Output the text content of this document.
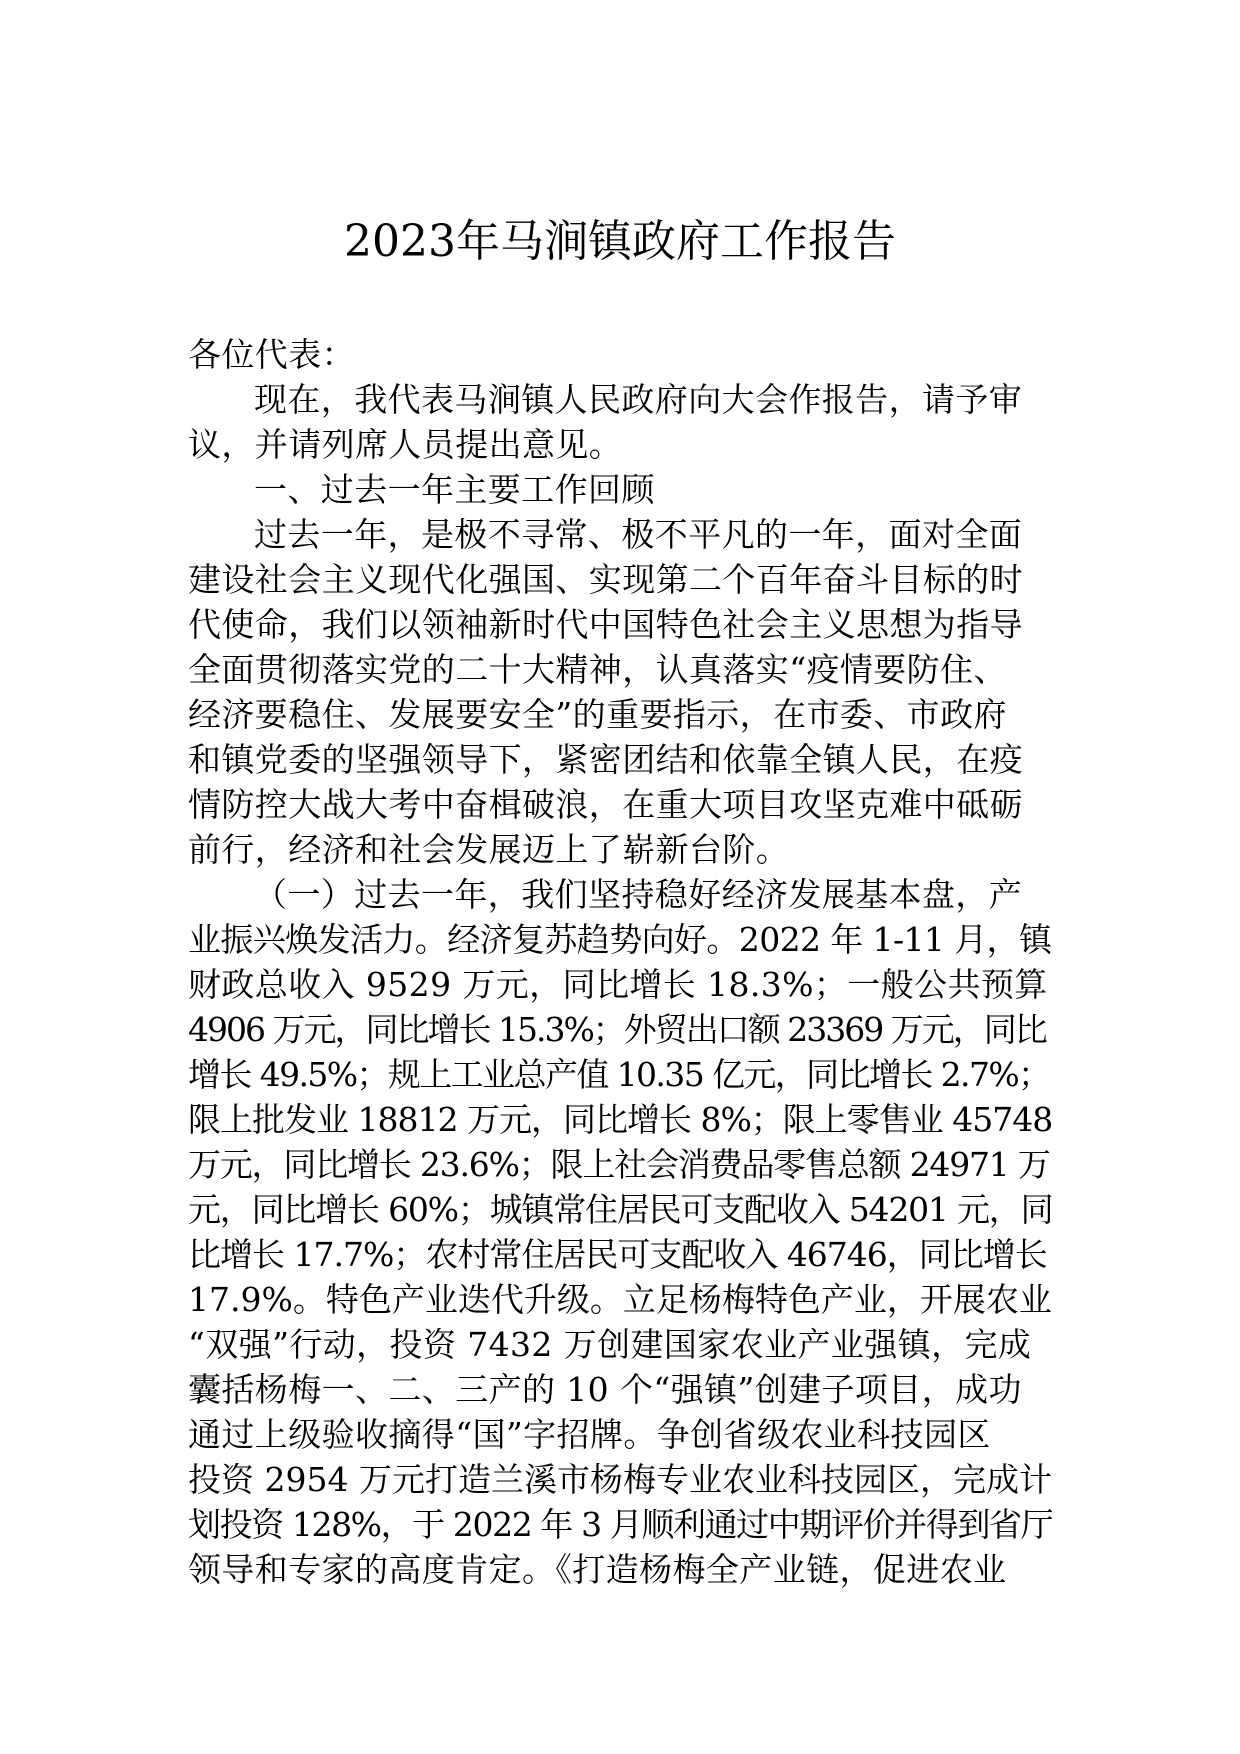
2023年马涧镇政府工作报告
各位代表：
现在，我代表马涧镇人民政府向大会作报告，请予审
议，并请列席人员提出意见。
一、过去一年主要工作回顾
过去一年，是极不寻常、极不平凡的一年，面对全面
建设社会主义现代化强国、实现第二个百年奋斗目标的时
代使命，我们以领袖新时代中国特色社会主义思想为指导
全面贯彻落实党的二十大精神，认真落实“疫情要防住、
经济要稳住、发展要安全”的重要指示，在市委、市政府
和镇党委的坚强领导下，紧密团结和依靠全镇人民，在疫
情防控大战大考中奋楫破浪，在重大项目攻坚克难中砥砺
前行，经济和社会发展迈上了崭新台阶。
（一）过去一年，我们坚持稳好经济发展基本盘，产
业振兴焕发活力。经济复苏趋势向好。2022 年 1-11 月，镇
财政总收入 9529 万元，同比增长 18.3%；一般公共预算
4906 万元，同比增长 15.3%；外贸出口额 23369 万元，同比
增长 49.5%；规上工业总产值 10.35 亿元，同比增长 2.7%；
限上批发业 18812 万元，同比增长 8%；限上零售业 45748
万元，同比增长 23.6%；限上社会消费品零售总额 24971 万
元，同比增长 60%；城镇常住居民可支配收入 54201 元，同
比增长 17.7%；农村常住居民可支配收入 46746，同比增长
17.9%。特色产业迭代升级。立足杨梅特色产业，开展农业
“双强”行动，投资 7432 万创建国家农业产业强镇，完成
囊括杨梅一、二、三产的 10 个“强镇”创建子项目，成功
通过上级验收摘得“国”字招牌。争创省级农业科技园区
投资 2954 万元打造兰溪市杨梅专业农业科技园区，完成计
划投资 128%，于 2022 年 3 月顺利通过中期评价并得到省厅
领导和专家的高度肯定。《打造杨梅全产业链，促进农业
